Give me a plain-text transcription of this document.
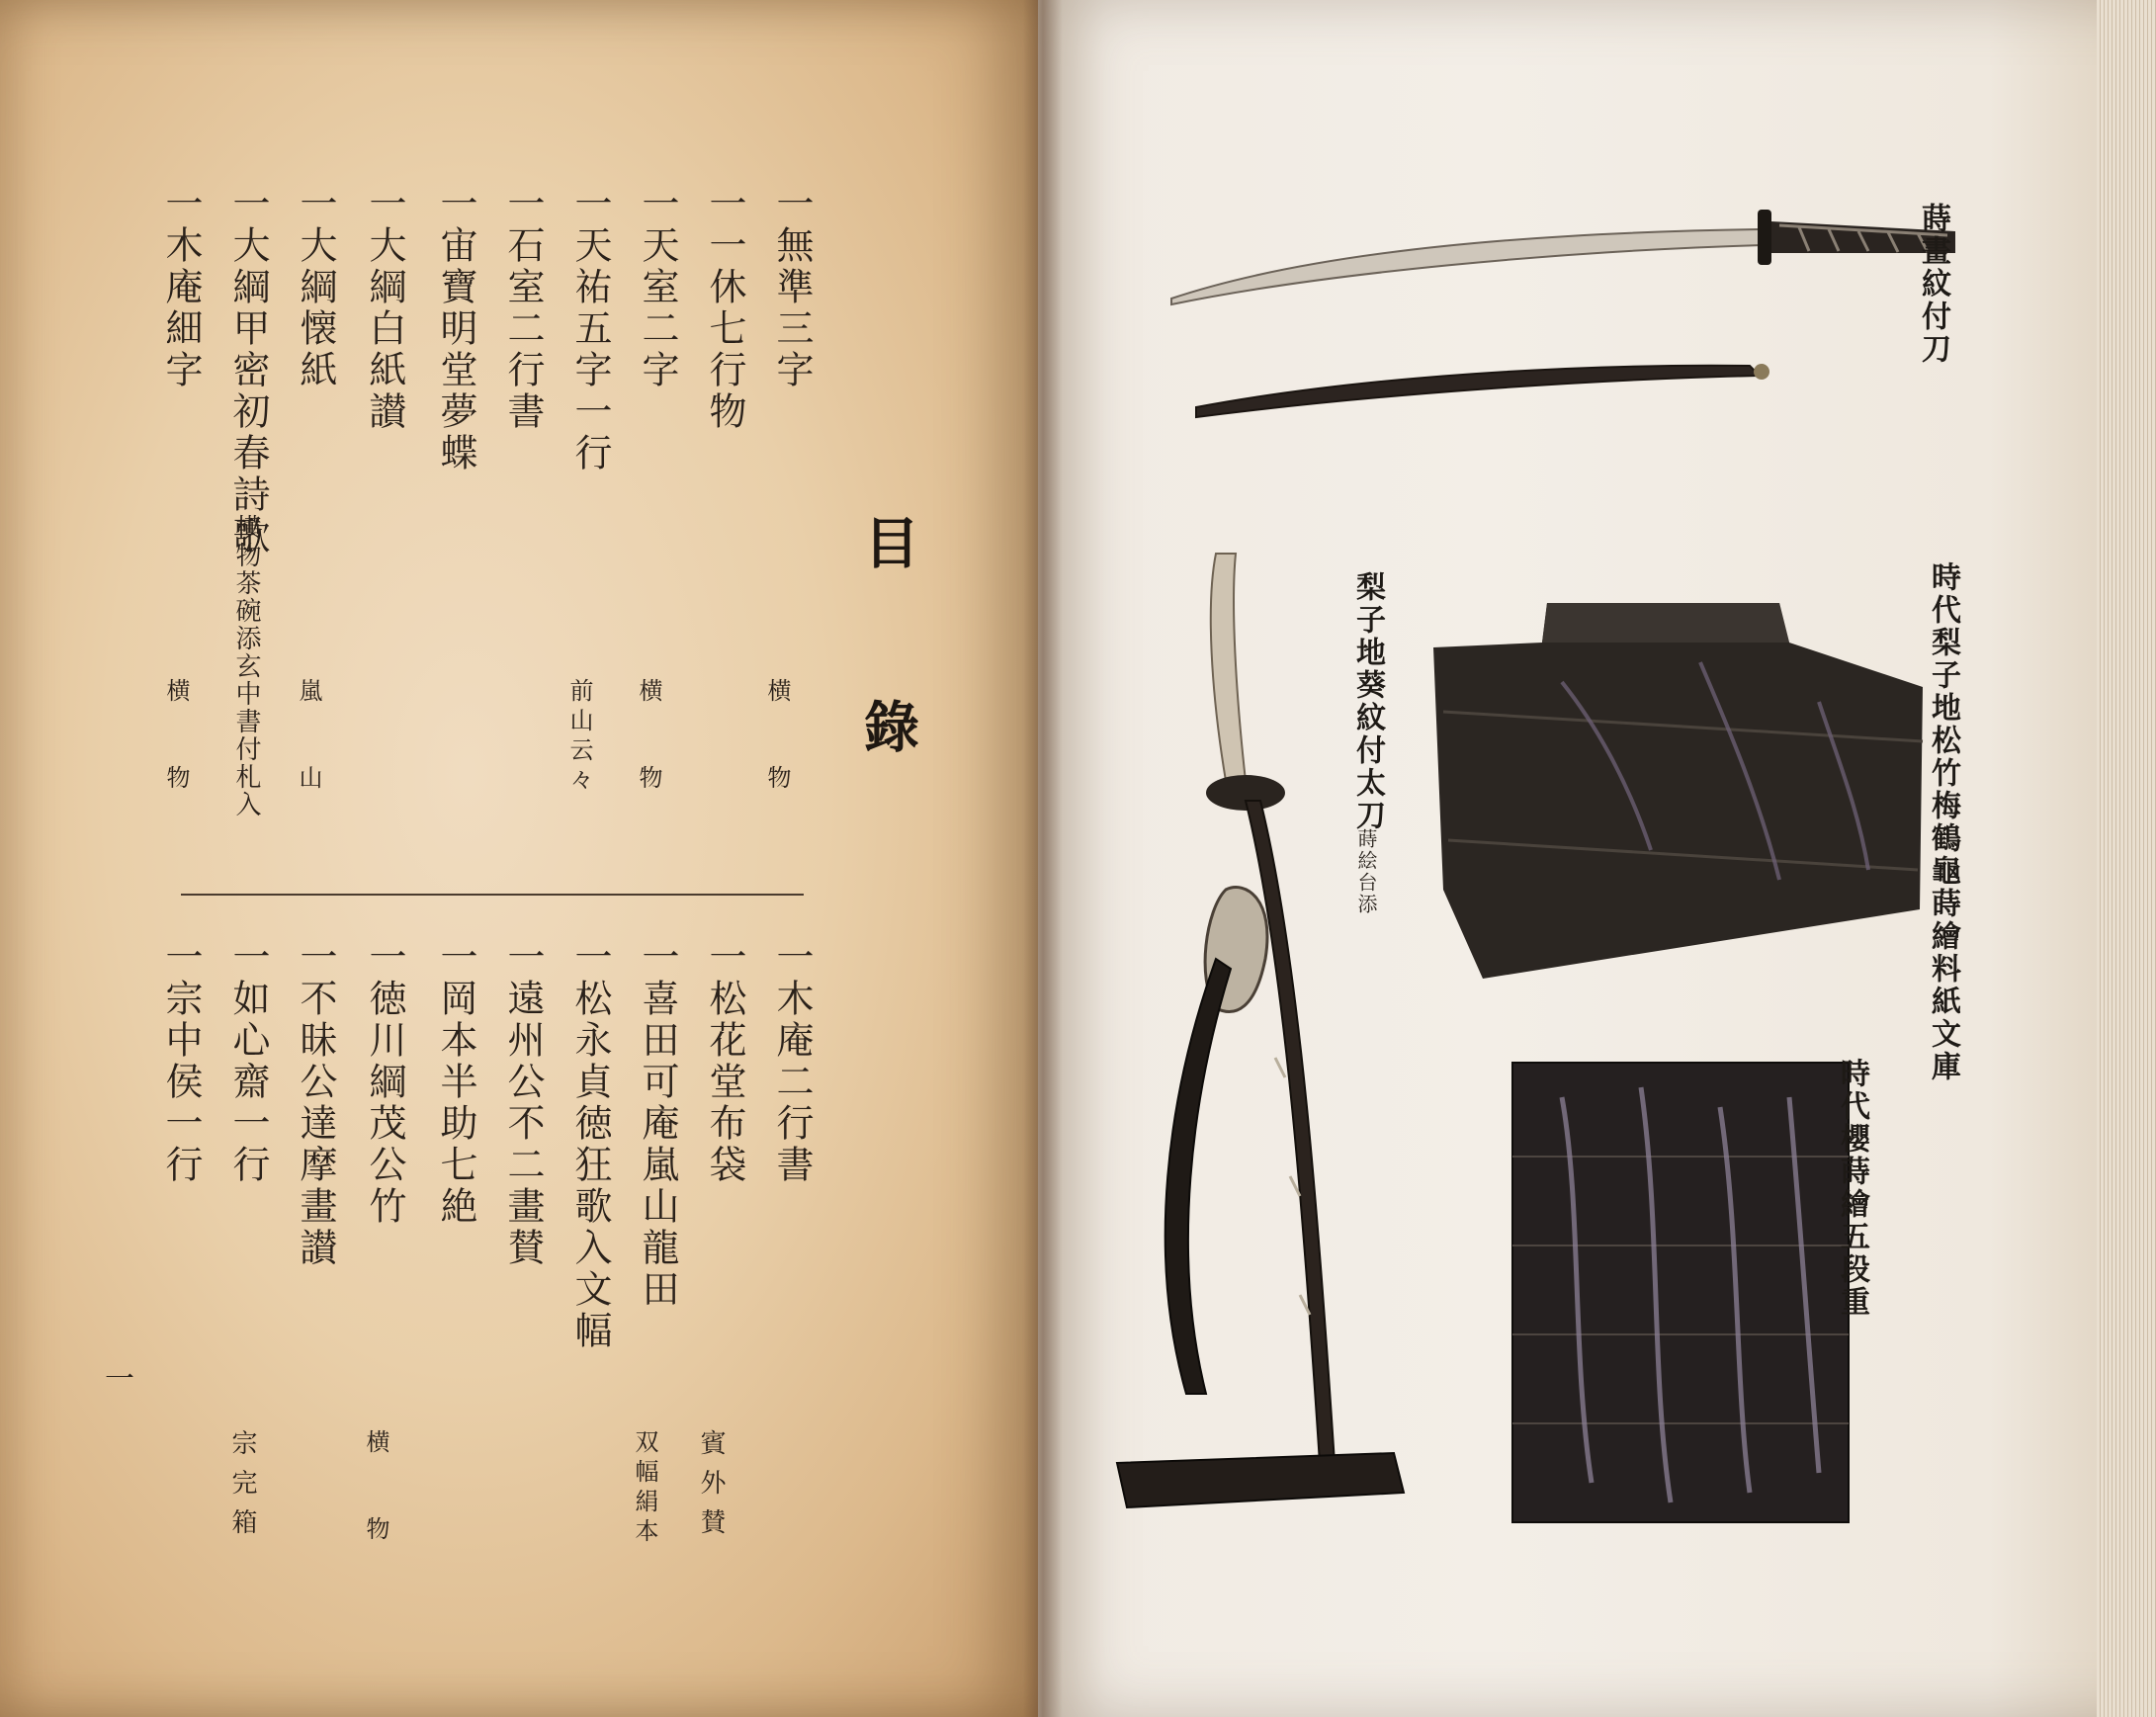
目錄
一無準三字
横物
一一休七行物
一天室二字
横物
一天祐五字一行
前山云々
一石室二行書
一宙寶明堂夢蝶
一大綱白紙讃
一大綱懐紙
嵐山
一大綱甲密初春詩歌
横物茶碗添玄中書付札入
一木庵細字
横物
一木庵二行書
一松花堂布袋
賓外賛
一喜田可庵嵐山龍田
双幅絹本
一松永貞徳狂歌入文幅
一遠州公不二畫賛
一岡本半助七絶
一徳川綱茂公竹
横物
一不昧公達摩畫讃
一如心齋一行
宗完箱
一宗中侯一行
一
蒔畫紋付刀
梨子地葵紋付太刀
蒔絵台添	時代梨子地松竹梅鶴龜蒔繪料紙文庫
時代櫻蒔繪五段重
